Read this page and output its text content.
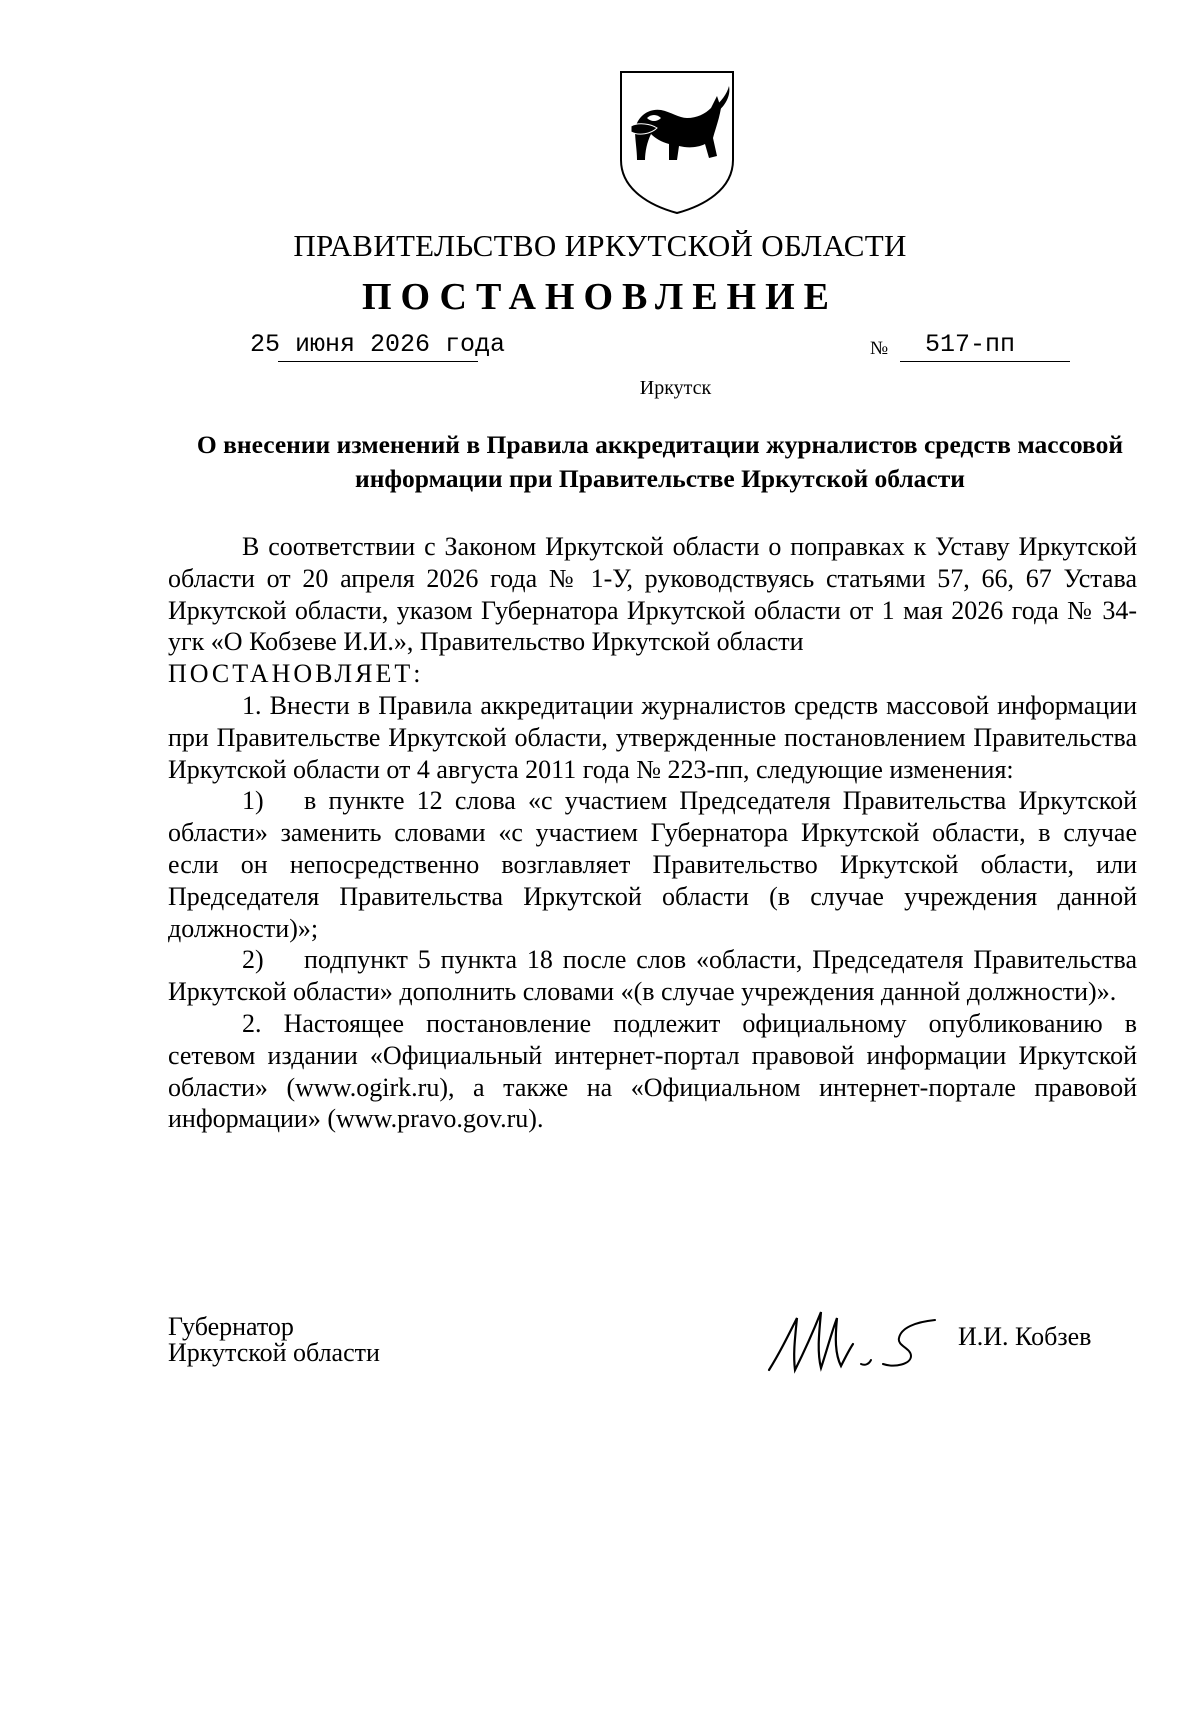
ПРАВИТЕЛЬСТВО ИРКУТСКОЙ ОБЛАСТИ
ПОСТАНОВЛЕНИЕ
25 июня 2026 года	№ 517-пп
Иркутск
О внесении изменений в Правила аккредитации журналистов средств массовой информации при Правительстве Иркутской области

В соответствии с Законом Иркутской области о поправках к Уставу Иркутской области от 20 апреля 2026 года № 1-У, руководствуясь статьями 57, 66, 67 Устава Иркутской области, указом Губернатора Иркутской области от 1 мая 2026 года № 34-угк «О Кобзеве И.И.», Правительство Иркутской области

ПОСТАНОВЛЯЕТ:

1. Внести в Правила аккредитации журналистов средств массовой информации при Правительстве Иркутской области, утвержденные постановлением Правительства Иркутской области от 4 августа 2011 года № 223-пп, следующие изменения:

1) в пункте 12 слова «с участием Председателя Правительства Иркутской области» заменить словами «с участием Губернатора Иркутской области, в случае если он непосредственно возглавляет Правительство Иркутской области, или Председателя Правительства Иркутской области (в случае учреждения данной должности)»;

2) подпункт 5 пункта 18 после слов «области, Председателя Правительства Иркутской области» дополнить словами «(в случае учреждения данной должности)».

2. Настоящее постановление подлежит официальному опубликованию в сетевом издании «Официальный интернет-портал правовой информации Иркутской области» (www.ogirk.ru), а также на «Официальном интернет-портале правовой информации» (www.pravo.gov.ru).

Губернатор
Иркутской области
И.И. Кобзев
